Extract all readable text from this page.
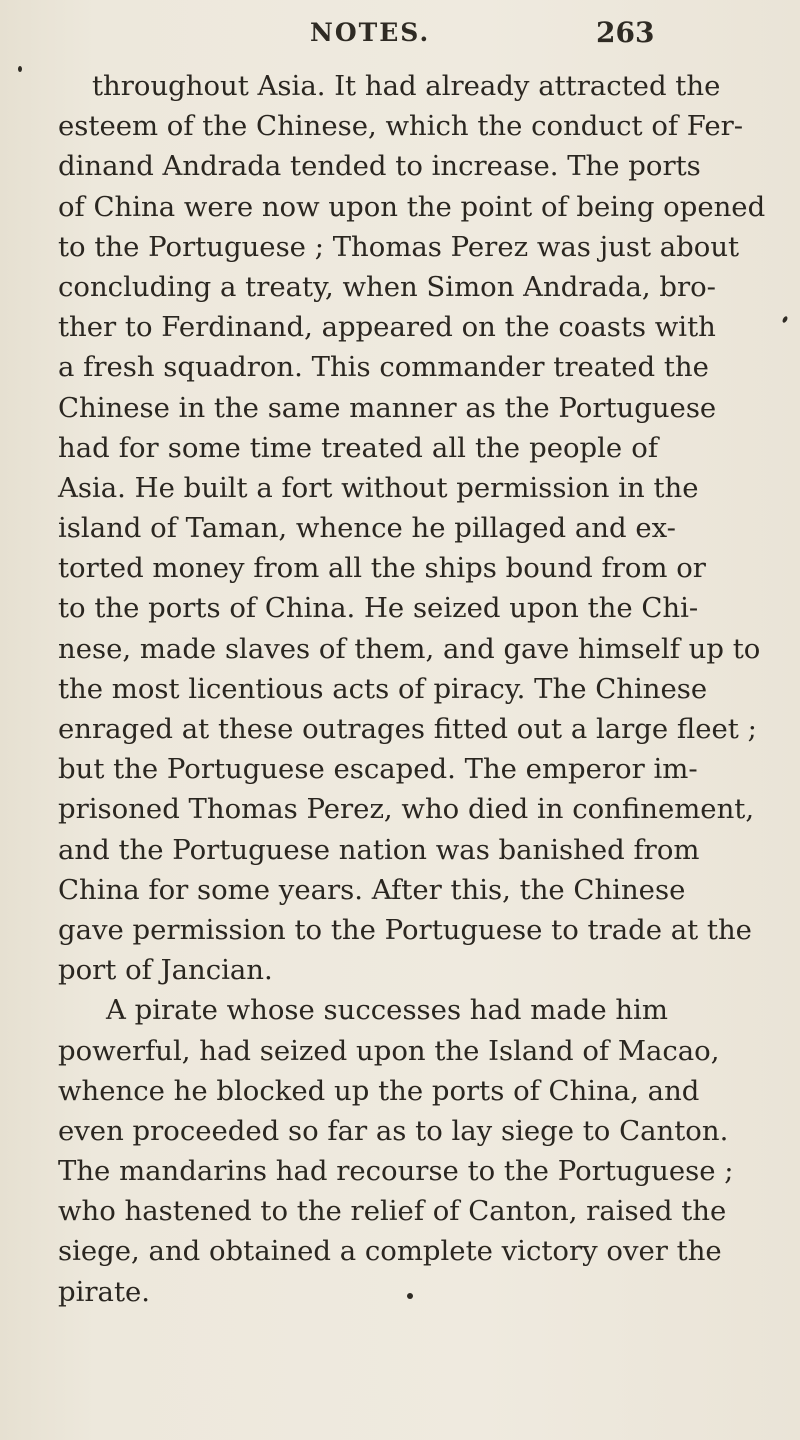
NOTES.	263
throughout Asia. It had already attracted the
esteem of the Chinese, which the conduct of Fer-
dinand Andrada tended to increase. The ports
of China were now upon the point of being opened
to the Portuguese ; Thomas Perez was just about
concluding a treaty, when Simon Andrada, bro-
ther to Ferdinand, appeared on the coasts with
a fresh squadron. This commander treated the
Chinese in the same manner as the Portuguese
had for some time treated all the people of
Asia. He built a fort without permission in the
island of Taman, whence he pillaged and ex-
torted money from all the ships bound from or
to the ports of China. He seized upon the Chi-
nese, made slaves of them, and gave himself up to
the most licentious acts of piracy. The Chinese
enraged at these outrages fitted out a large fleet ;
but the Portuguese escaped. The emperor im-
prisoned Thomas Perez, who died in confinement,
and the Portuguese nation was banished from
China for some years. After this, the Chinese
gave permission to the Portuguese to trade at the
port of Jancian.
A pirate whose successes had made him
powerful, had seized upon the Island of Macao,
whence he blocked up the ports of China, and
even proceeded so far as to lay siege to Canton.
The mandarins had recourse to the Portuguese ;
who hastened to the relief of Canton, raised the
siege, and obtained a complete victory over the
pirate.
